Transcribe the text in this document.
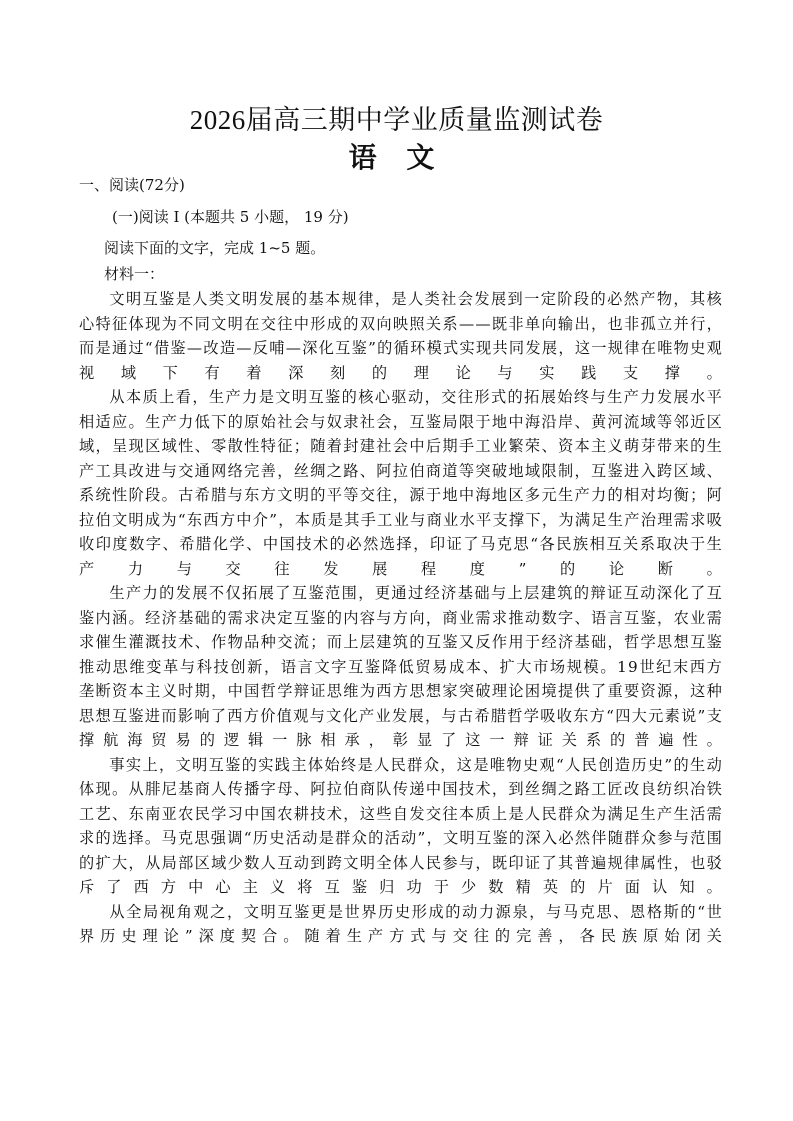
2026届高三期中学业质量监测试卷
语 文
一、阅读(72分)
(一)阅读 I (本题共 5 小题， 19 分)
阅读下面的文字，完成 1~5 题。
材料一：

文明互鉴是人类文明发展的基本规律，是人类社会发展到一定阶段的必然产物，其核心特征体现为不同文明在交往中形成的双向映照关系——既非单向输出，也非孤立并行，而是通过“借鉴—改造—反哺—深化互鉴”的循环模式实现共同发展，这一规律在唯物史观视域下有着深刻的理论与实践支撑。

从本质上看，生产力是文明互鉴的核心驱动，交往形式的拓展始终与生产力发展水平相适应。生产力低下的原始社会与奴隶社会，互鉴局限于地中海沿岸、黄河流域等邻近区域，呈现区域性、零散性特征；随着封建社会中后期手工业繁荣、资本主义萌芽带来的生产工具改进与交通网络完善，丝绸之路、阿拉伯商道等突破地域限制，互鉴进入跨区域、系统性阶段。古希腊与东方文明的平等交往，源于地中海地区多元生产力的相对均衡；阿拉伯文明成为“东西方中介”，本质是其手工业与商业水平支撑下，为满足生产治理需求吸收印度数字、希腊化学、中国技术的必然选择，印证了马克思“各民族相互关系取决于生产力与交往发展程度”的论断。

生产力的发展不仅拓展了互鉴范围，更通过经济基础与上层建筑的辩证互动深化了互鉴内涵。经济基础的需求决定互鉴的内容与方向，商业需求推动数字、语言互鉴，农业需求催生灌溉技术、作物品种交流；而上层建筑的互鉴又反作用于经济基础，哲学思想互鉴推动思维变革与科技创新，语言文字互鉴降低贸易成本、扩大市场规模。19世纪末西方垄断资本主义时期，中国哲学辩证思维为西方思想家突破理论困境提供了重要资源，这种思想互鉴进而影响了西方价值观与文化产业发展，与古希腊哲学吸收东方“四大元素说”支撑航海贸易的逻辑一脉相承，彰显了这一辩证关系的普遍性。

事实上，文明互鉴的实践主体始终是人民群众，这是唯物史观“人民创造历史”的生动体现。从腓尼基商人传播字母、阿拉伯商队传递中国技术，到丝绸之路工匠改良纺织冶铁工艺、东南亚农民学习中国农耕技术，这些自发交往本质上是人民群众为满足生产生活需求的选择。马克思强调“历史活动是群众的活动”，文明互鉴的深入必然伴随群众参与范围的扩大，从局部区域少数人互动到跨文明全体人民参与，既印证了其普遍规律属性，也驳斥了西方中心主义将互鉴归功于少数精英的片面认知。

从全局视角观之，文明互鉴更是世界历史形成的动力源泉，与马克思、恩格斯的“世界历史理论”深度契合。随着生产方式与交往的完善，各民族原始闭关
